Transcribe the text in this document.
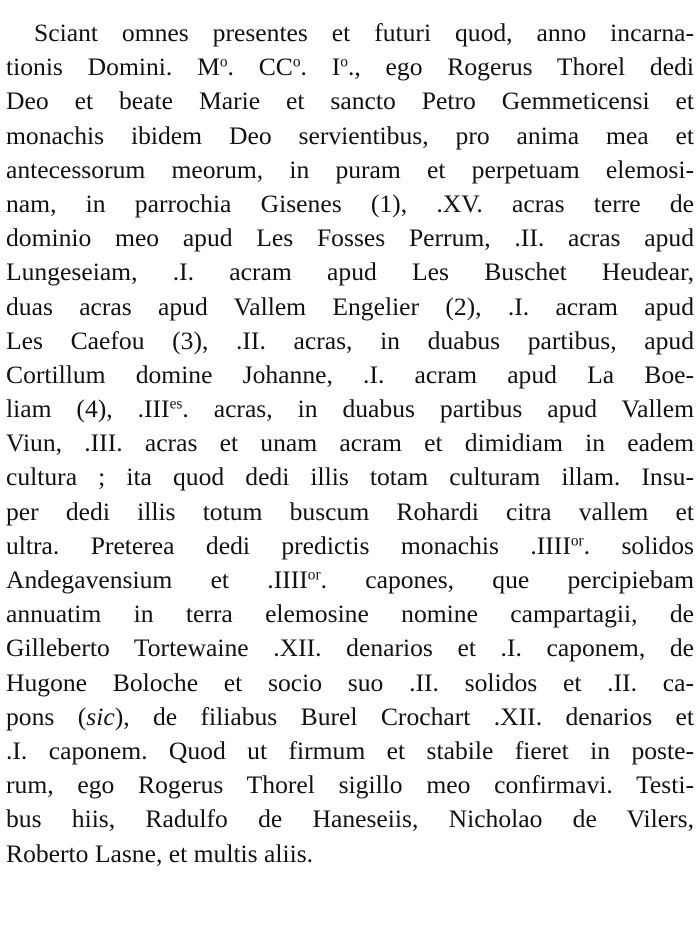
Sciant omnes presentes et futuri quod, anno incarna-
tionis Domini. $M^o$. $CC^o$. $I^o$., ego Rogerus Thorel dedi
Deo et beate Marie et sancto Petro Gemmeticensi et
monachis ibidem Deo servientibus, pro anima mea et
antecessorum meorum, in puram et perpetuam elemosi-
nam, in parrochia Gisenes (1), .XV. acras terre de
dominio meo apud Les Fosses Perrum, .II. acras apud
Lungeseiam, .I. acram apud Les Buschet Heudear,
duas acras apud Vallem Engelier (2), .I. acram apud
Les Caefou (3), .II. acras, in duabus partibus, apud
Cortillum domine Johanne, .I. acram apud La Boe-
liam (4), $.III^{es}$. acras, in duabus partibus apud Vallem
Viun, .III. acras et unam acram et dimidiam in eadem
cultura ; ita quod dedi illis totam culturam illam. Insu-
per dedi illis totum buscum Rohardi citra vallem et
ultra. Preterea dedi predictis monachis $.IIII^{or}$. solidos
Andegavensium et $.IIII^{or}$. capones, que percipiebam
annuatim in terra elemosine nomine campartagii, de
Gilleberto Tortewaine .XII. denarios et .I. caponem, de
Hugone Boloche et socio suo .II. solidos et .II. ca-
pons (sic), de filiabus Burel Crochart .XII. denarios et
.I. caponem. Quod ut firmum et stabile fieret in poste-
rum, ego Rogerus Thorel sigillo meo confirmavi. Testi-
bus hiis, Radulfo de Haneseiis, Nicholao de Vilers,
Roberto Lasne, et multis aliis.
